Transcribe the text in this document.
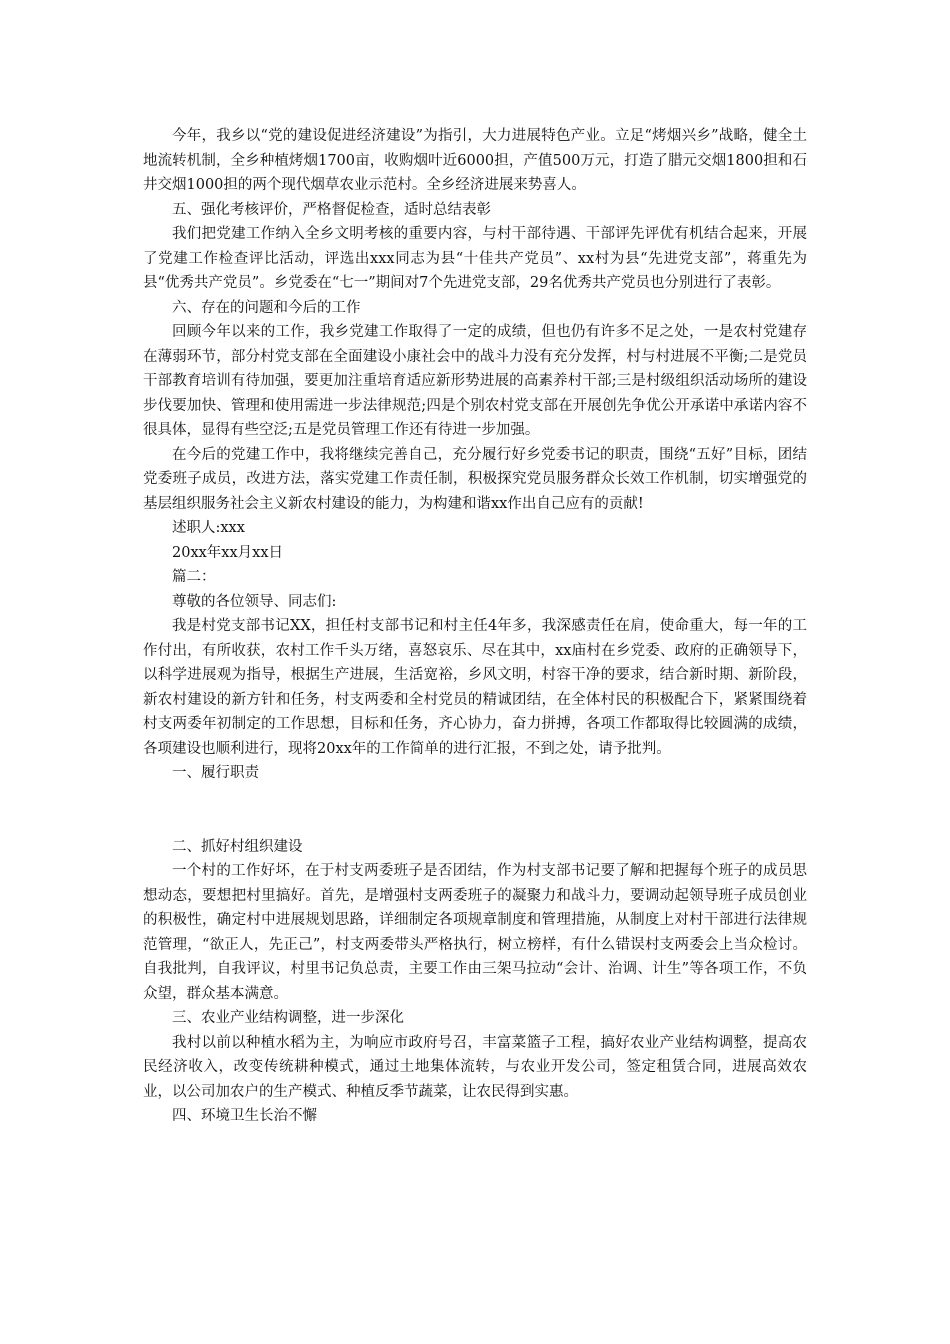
今年，我乡以“党的建设促进经济建设”为指引，大力进展特色产业。立足“烤烟兴乡”战略，健全土地流转机制，全乡种植烤烟1700亩，收购烟叶近6000担，产值500万元，打造了腊元交烟1800担和石井交烟1000担的两个现代烟草农业示范村。全乡经济进展来势喜人。

五、强化考核评价，严格督促检查，适时总结表彰

我们把党建工作纳入全乡文明考核的重要内容，与村干部待遇、干部评先评优有机结合起来，开展了党建工作检查评比活动，评选出xxx同志为县“十佳共产党员”、xx村为县“先进党支部”，蒋重先为县“优秀共产党员”。乡党委在“七一”期间对7个先进党支部，29名优秀共产党员也分别进行了表彰。

六、存在的问题和今后的工作

回顾今年以来的工作，我乡党建工作取得了一定的成绩，但也仍有许多不足之处，一是农村党建存在薄弱环节，部分村党支部在全面建设小康社会中的战斗力没有充分发挥，村与村进展不平衡;二是党员干部教育培训有待加强，要更加注重培育适应新形势进展的高素养村干部;三是村级组织活动场所的建设步伐要加快、管理和使用需进一步法律规范;四是个别农村党支部在开展创先争优公开承诺中承诺内容不很具体，显得有些空泛;五是党员管理工作还有待进一步加强。

在今后的党建工作中，我将继续完善自己，充分履行好乡党委书记的职责，围绕“五好”目标，团结党委班子成员，改进方法，落实党建工作责任制，积极探究党员服务群众长效工作机制，切实增强党的基层组织服务社会主义新农村建设的能力，为构建和谐xx作出自己应有的贡献!

述职人:xxx

20xx年xx月xx日

篇二：

尊敬的各位领导、同志们:

我是村党支部书记XX，担任村支部书记和村主任4年多，我深感责任在肩，使命重大，每一年的工作付出，有所收获，农村工作千头万绪，喜怒哀乐、尽在其中，xx庙村在乡党委、政府的正确领导下，以科学进展观为指导，根据生产进展，生活宽裕，乡风文明，村容干净的要求，结合新时期、新阶段，新农村建设的新方针和任务，村支两委和全村党员的精诚团结，在全体村民的积极配合下，紧紧围绕着村支两委年初制定的工作思想，目标和任务，齐心协力，奋力拼搏，各项工作都取得比较圆满的成绩，各项建设也顺利进行，现将20xx年的工作简单的进行汇报，不到之处，请予批判。

一、履行职责

二、抓好村组织建设

一个村的工作好坏，在于村支两委班子是否团结，作为村支部书记要了解和把握每个班子的成员思想动态，要想把村里搞好。首先，是增强村支两委班子的凝聚力和战斗力，要调动起领导班子成员创业的积极性，确定村中进展规划思路，详细制定各项规章制度和管理措施，从制度上对村干部进行法律规范管理，“欲正人，先正己”，村支两委带头严格执行，树立榜样，有什么错误村支两委会上当众检讨。自我批判，自我评议，村里书记负总责，主要工作由三架马拉动“会计、治调、计生”等各项工作，不负众望，群众基本满意。

三、农业产业结构调整，进一步深化

我村以前以种植水稻为主，为响应市政府号召，丰富菜篮子工程，搞好农业产业结构调整，提高农民经济收入，改变传统耕种模式，通过土地集体流转，与农业开发公司，签定租赁合同，进展高效农业，以公司加农户的生产模式、种植反季节蔬菜，让农民得到实惠。

四、环境卫生长治不懈
